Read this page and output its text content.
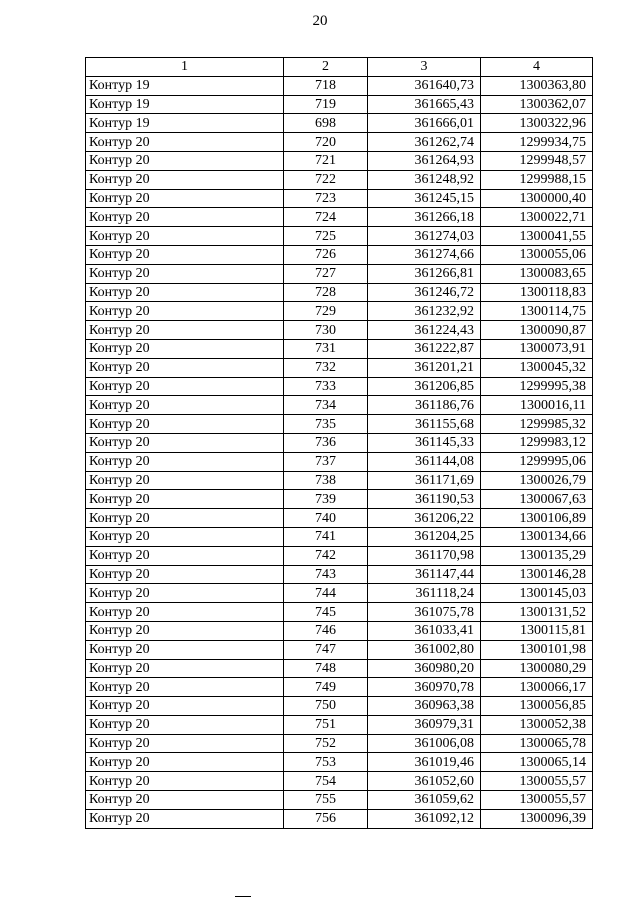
20
1	2	3	4
Контур 19	718	361640,73	1300363,80
Контур 19	719	361665,43	1300362,07
Контур 19	698	361666,01	1300322,96
Контур 20	720	361262,74	1299934,75
Контур 20	721	361264,93	1299948,57
Контур 20	722	361248,92	1299988,15
Контур 20	723	361245,15	1300000,40
Контур 20	724	361266,18	1300022,71
Контур 20	725	361274,03	1300041,55
Контур 20	726	361274,66	1300055,06
Контур 20	727	361266,81	1300083,65
Контур 20	728	361246,72	1300118,83
Контур 20	729	361232,92	1300114,75
Контур 20	730	361224,43	1300090,87
Контур 20	731	361222,87	1300073,91
Контур 20	732	361201,21	1300045,32
Контур 20	733	361206,85	1299995,38
Контур 20	734	361186,76	1300016,11
Контур 20	735	361155,68	1299985,32
Контур 20	736	361145,33	1299983,12
Контур 20	737	361144,08	1299995,06
Контур 20	738	361171,69	1300026,79
Контур 20	739	361190,53	1300067,63
Контур 20	740	361206,22	1300106,89
Контур 20	741	361204,25	1300134,66
Контур 20	742	361170,98	1300135,29
Контур 20	743	361147,44	1300146,28
Контур 20	744	361118,24	1300145,03
Контур 20	745	361075,78	1300131,52
Контур 20	746	361033,41	1300115,81
Контур 20	747	361002,80	1300101,98
Контур 20	748	360980,20	1300080,29
Контур 20	749	360970,78	1300066,17
Контур 20	750	360963,38	1300056,85
Контур 20	751	360979,31	1300052,38
Контур 20	752	361006,08	1300065,78
Контур 20	753	361019,46	1300065,14
Контур 20	754	361052,60	1300055,57
Контур 20	755	361059,62	1300055,57
Контур 20	756	361092,12	1300096,39
